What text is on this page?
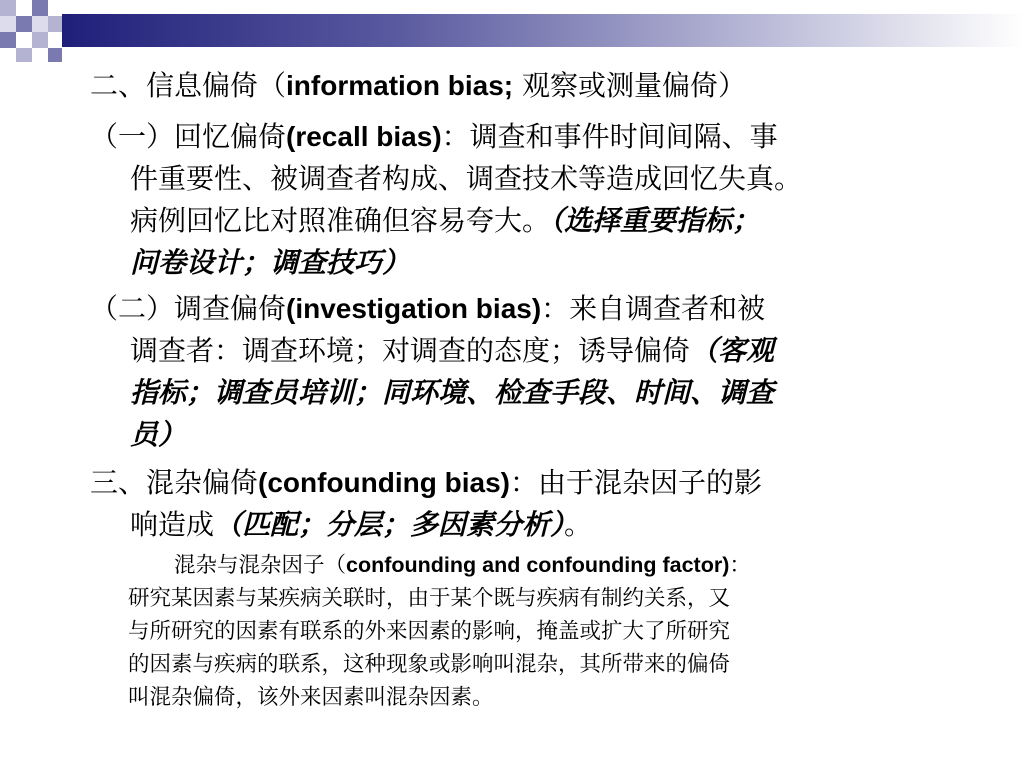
二、信息偏倚（information bias; 观察或测量偏倚）

（一）回忆偏倚(recall bias)：调查和事件时间间隔、事
件重要性、被调查者构成、调查技术等造成回忆失真。
病例回忆比对照准确但容易夸大。（选择重要指标；
问卷设计；调查技巧）
（二）调查偏倚(investigation bias)：来自调查者和被
调查者：调查环境；对调查的态度；诱导偏倚（客观
指标；调查员培训；同环境、检查手段、时间、调查
员）
三、混杂偏倚(confounding bias)：由于混杂因子的影
响造成（匹配；分层；多因素分析）。
混杂与混杂因子（confounding and confounding factor)：
研究某因素与某疾病关联时，由于某个既与疾病有制约关系，又
与所研究的因素有联系的外来因素的影响，掩盖或扩大了所研究
的因素与疾病的联系，这种现象或影响叫混杂，其所带来的偏倚
叫混杂偏倚，该外来因素叫混杂因素。
